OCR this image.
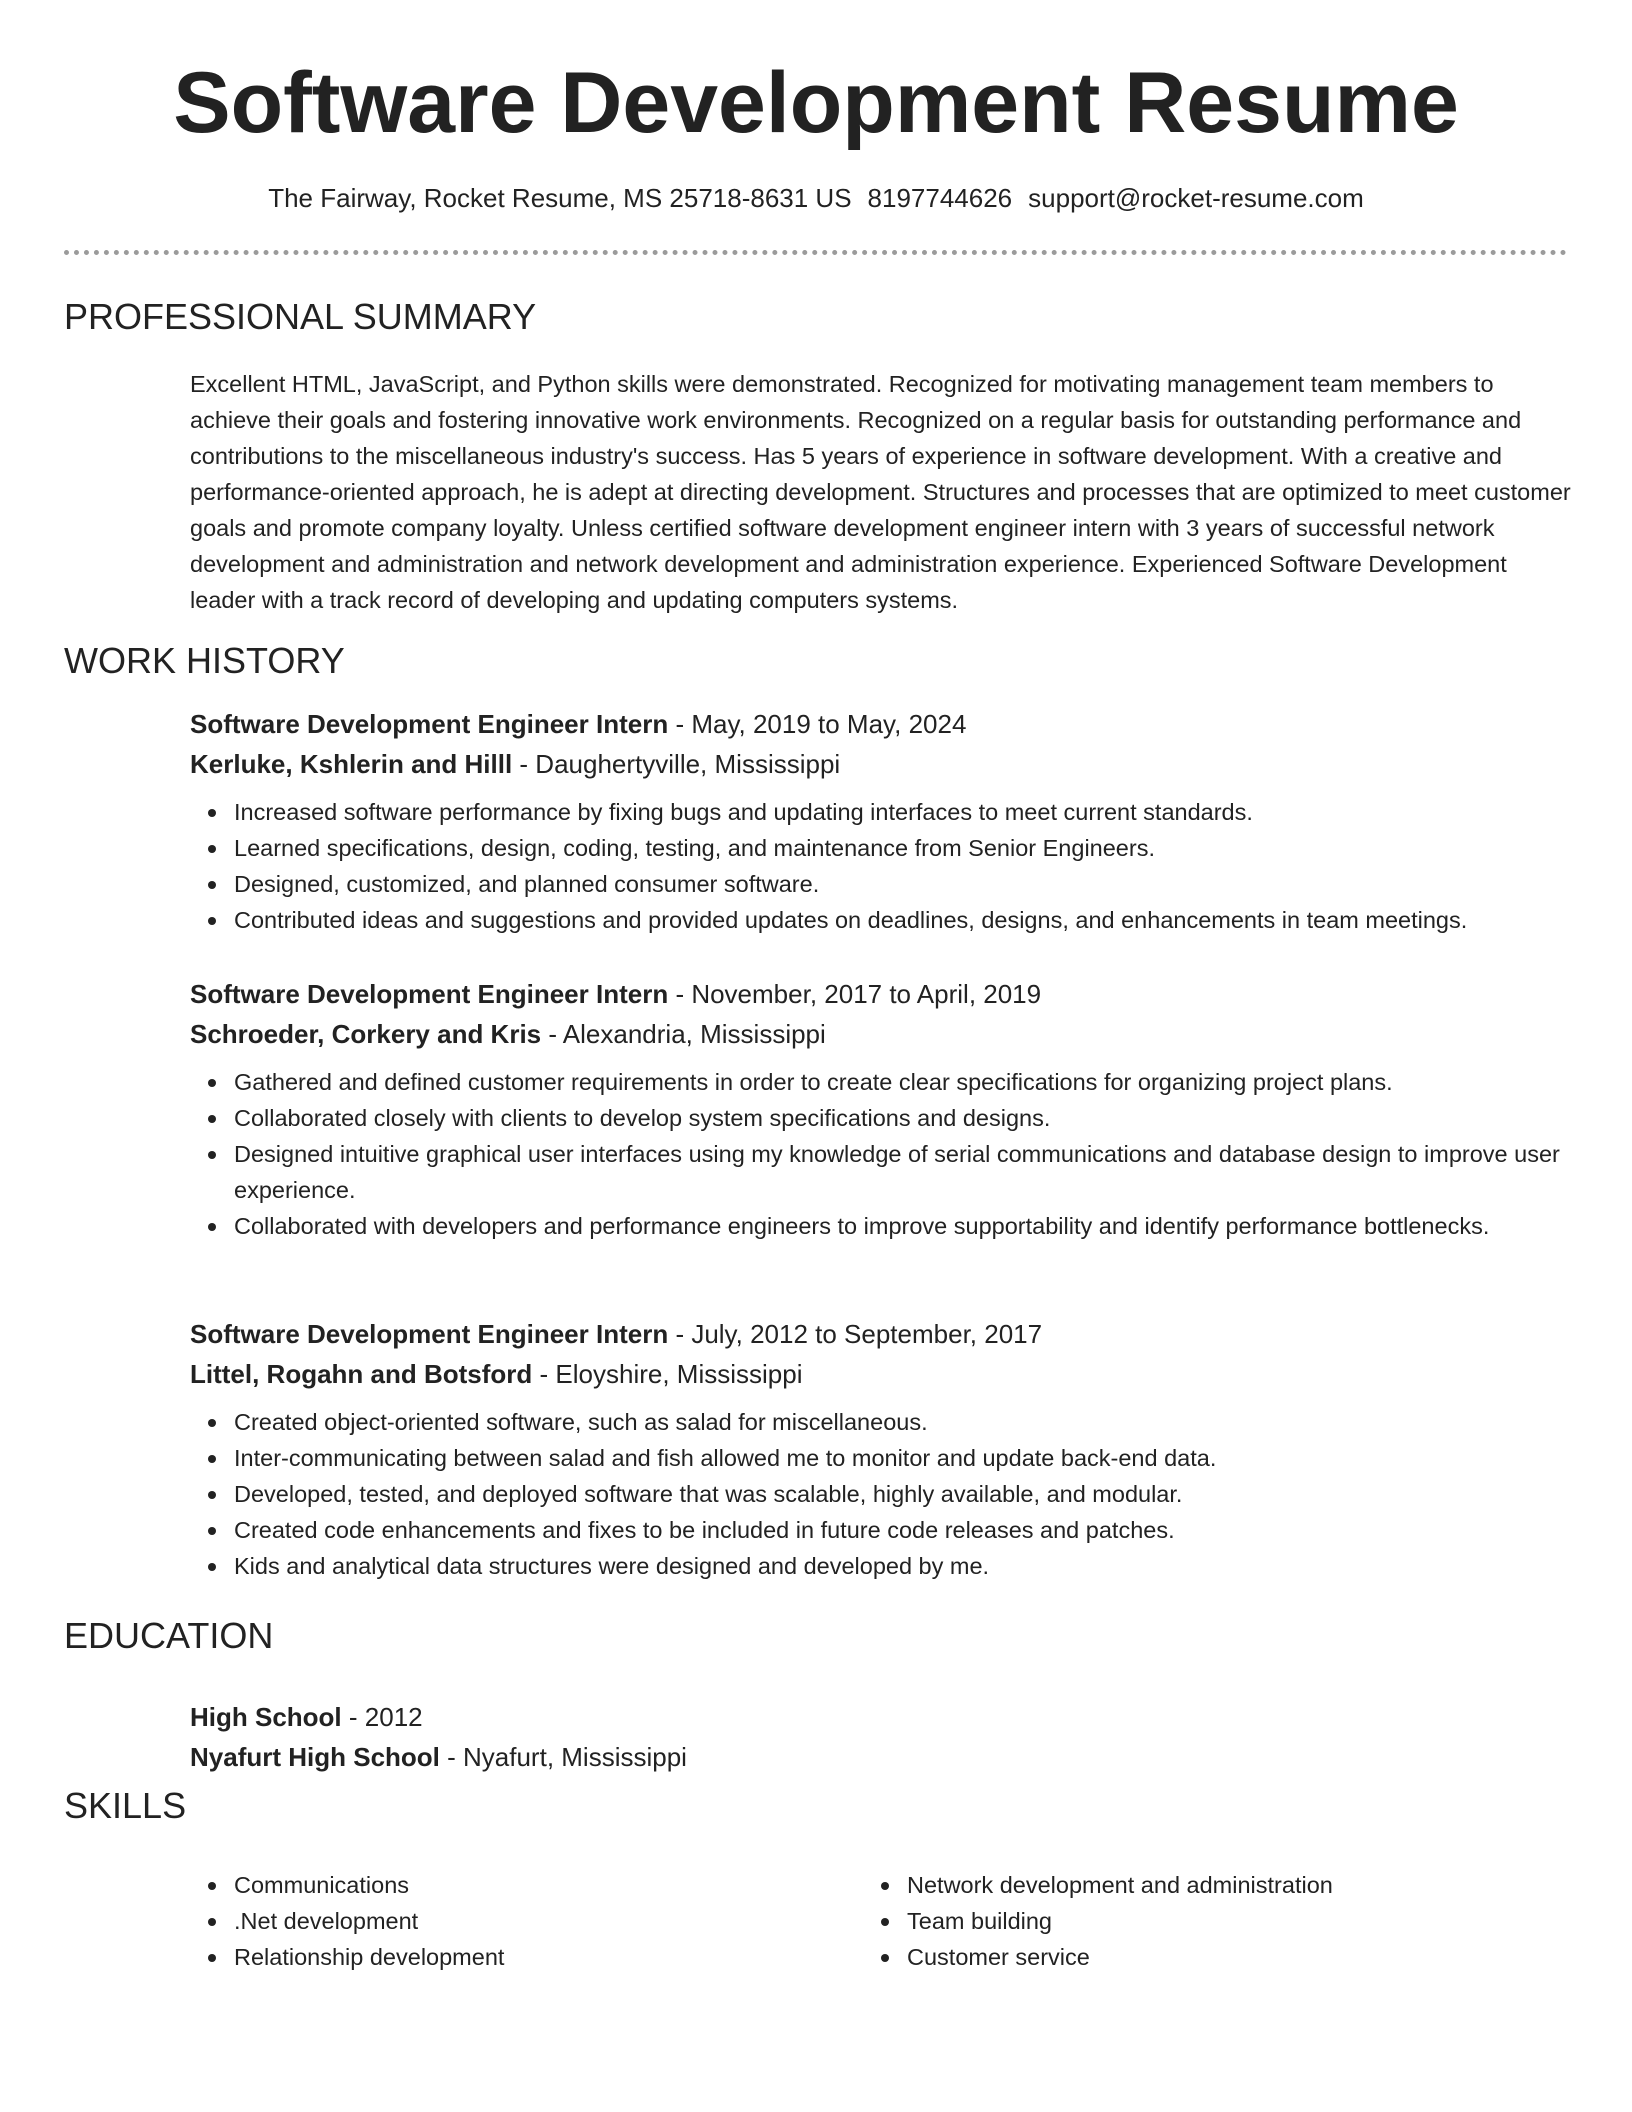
Software Development Resume
The Fairway, Rocket Resume, MS 25718-8631 US 8197744626 support@rocket-resume.com
PROFESSIONAL SUMMARY

Excellent HTML, JavaScript, and Python skills were demonstrated. Recognized for motivating management team members to achieve their goals and fostering innovative work environments. Recognized on a regular basis for outstanding performance and contributions to the miscellaneous industry's success. Has 5 years of experience in software development. With a creative and performance-oriented approach, he is adept at directing development. Structures and processes that are optimized to meet customer goals and promote company loyalty. Unless certified software development engineer intern with 3 years of successful network development and administration and network development and administration experience. Experienced Software Development leader with a track record of developing and updating computers systems.

WORK HISTORY
Software Development Engineer Intern - May, 2019 to May, 2024
Kerluke, Kshlerin and Hilll - Daughertyville, Mississippi
Increased software performance by fixing bugs and updating interfaces to meet current standards.
Learned specifications, design, coding, testing, and maintenance from Senior Engineers.
Designed, customized, and planned consumer software.
Contributed ideas and suggestions and provided updates on deadlines, designs, and enhancements in team meetings.
Software Development Engineer Intern - November, 2017 to April, 2019
Schroeder, Corkery and Kris - Alexandria, Mississippi
Gathered and defined customer requirements in order to create clear specifications for organizing project plans.
Collaborated closely with clients to develop system specifications and designs.
Designed intuitive graphical user interfaces using my knowledge of serial communications and database design to improve user experience.
Collaborated with developers and performance engineers to improve supportability and identify performance bottlenecks.
Software Development Engineer Intern - July, 2012 to September, 2017
Littel, Rogahn and Botsford - Eloyshire, Mississippi
Created object-oriented software, such as salad for miscellaneous.
Inter-communicating between salad and fish allowed me to monitor and update back-end data.
Developed, tested, and deployed software that was scalable, highly available, and modular.
Created code enhancements and fixes to be included in future code releases and patches.
Kids and analytical data structures were designed and developed by me.
EDUCATION
High School - 2012
Nyafurt High School - Nyafurt, Mississippi
SKILLS
Communications
.Net development
Relationship development
Network development and administration
Team building
Customer service
